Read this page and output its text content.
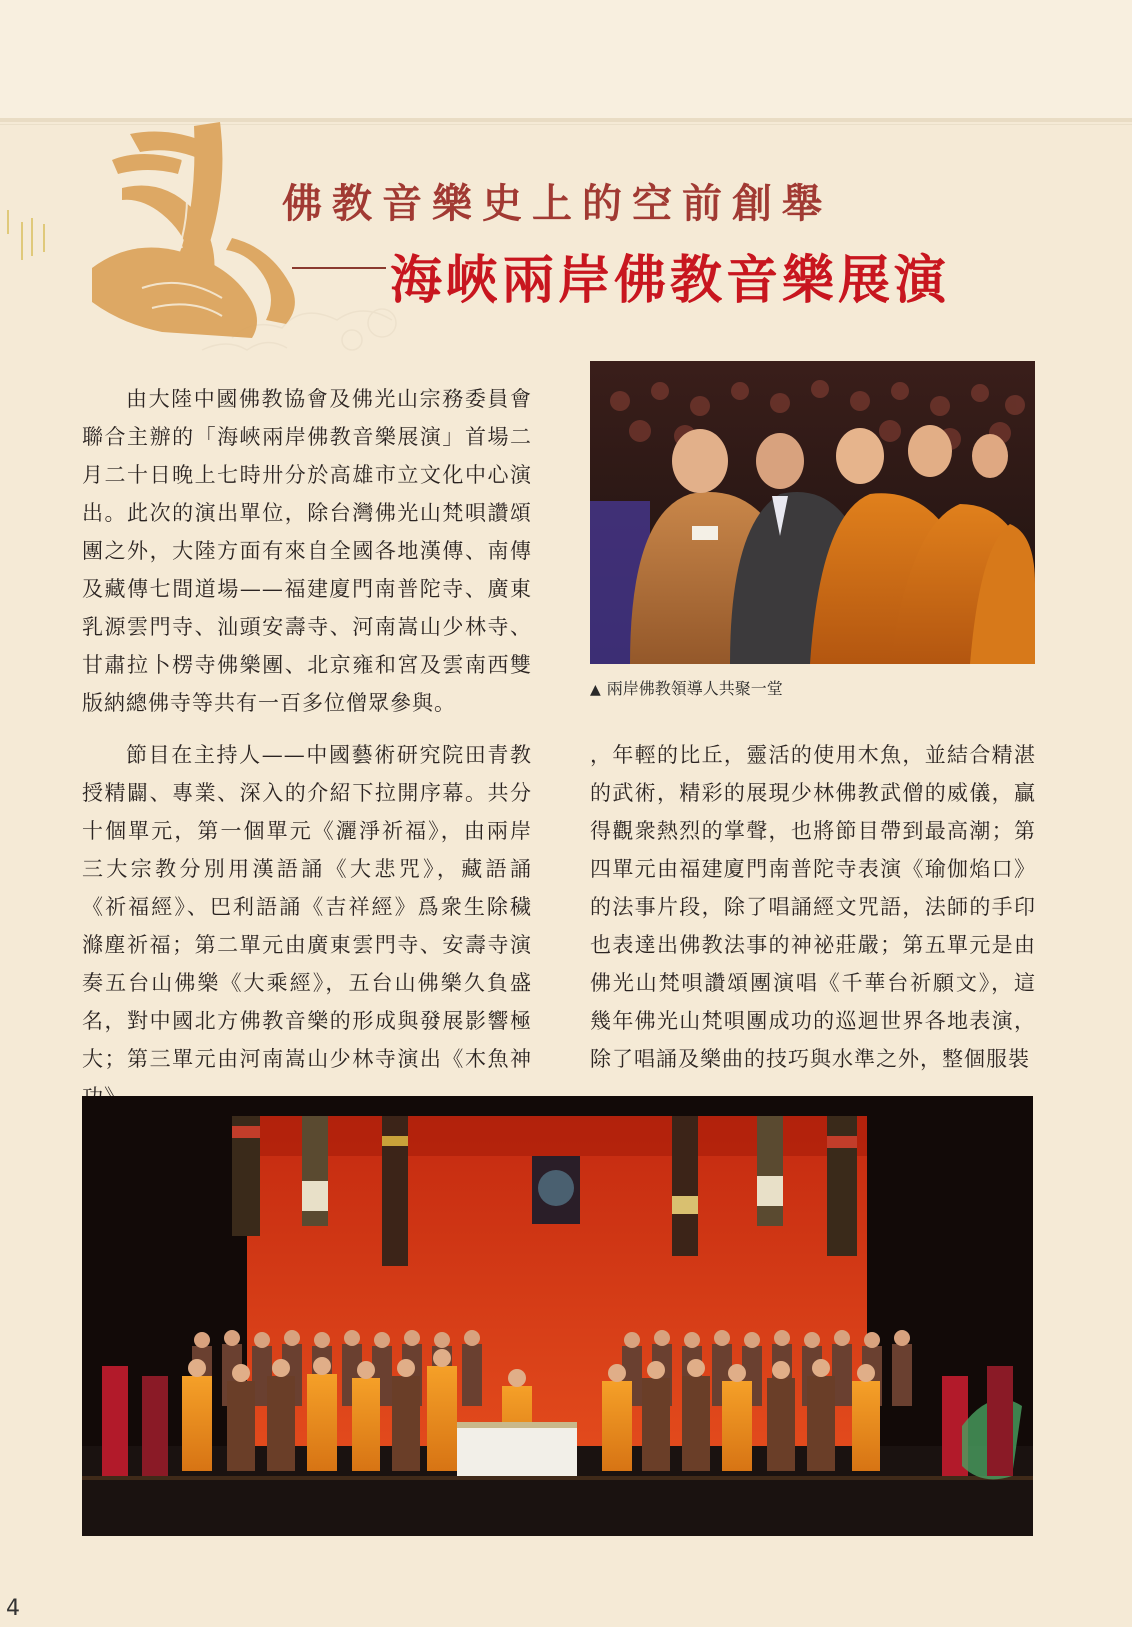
佛教音樂史上的空前創舉
海峽兩岸佛教音樂展演

由大陸中國佛教協會及佛光山宗務委員會聯合主辦的「海峽兩岸佛教音樂展演」首場二月二十日晚上七時卅分於高雄市立文化中心演出。此次的演出單位，除台灣佛光山梵唄讚頌團之外，大陸方面有來自全國各地漢傳、南傳及藏傳七間道場——福建廈門南普陀寺、廣東乳源雲門寺、汕頭安壽寺、河南嵩山少林寺、甘肅拉卜楞寺佛樂團、北京雍和宮及雲南西雙版納總佛寺等共有一百多位僧眾參與。

▲ 兩岸佛教領導人共聚一堂

節目在主持人——中國藝術研究院田青教授精闢、專業、深入的介紹下拉開序幕。共分十個單元，第一個單元《灑淨祈福》，由兩岸三大宗教分別用漢語誦《大悲咒》，藏語誦《祈福經》、巴利語誦《吉祥經》爲衆生除穢滌塵祈福；第二單元由廣東雲門寺、安壽寺演奏五台山佛樂《大乘經》，五台山佛樂久負盛名，對中國北方佛教音樂的形成與發展影響極大；第三單元由河南嵩山少林寺演出《木魚神

，年輕的比丘，靈活的使用木魚，並結合精湛的武術，精彩的展現少林佛教武僧的威儀，贏得觀衆熱烈的掌聲，也將節目帶到最高潮；第四單元由福建廈門南普陀寺表演《瑜伽焰口》的法事片段，除了唱誦經文咒語，法師的手印也表達出佛教法事的神祕莊嚴；第五單元是由佛光山梵唄讚頌團演唱《千華台祈願文》，這幾年佛光山梵唄團成功的巡迴世界各地表演，除了唱誦及樂曲的技巧與水準之外，整個服裝

4
